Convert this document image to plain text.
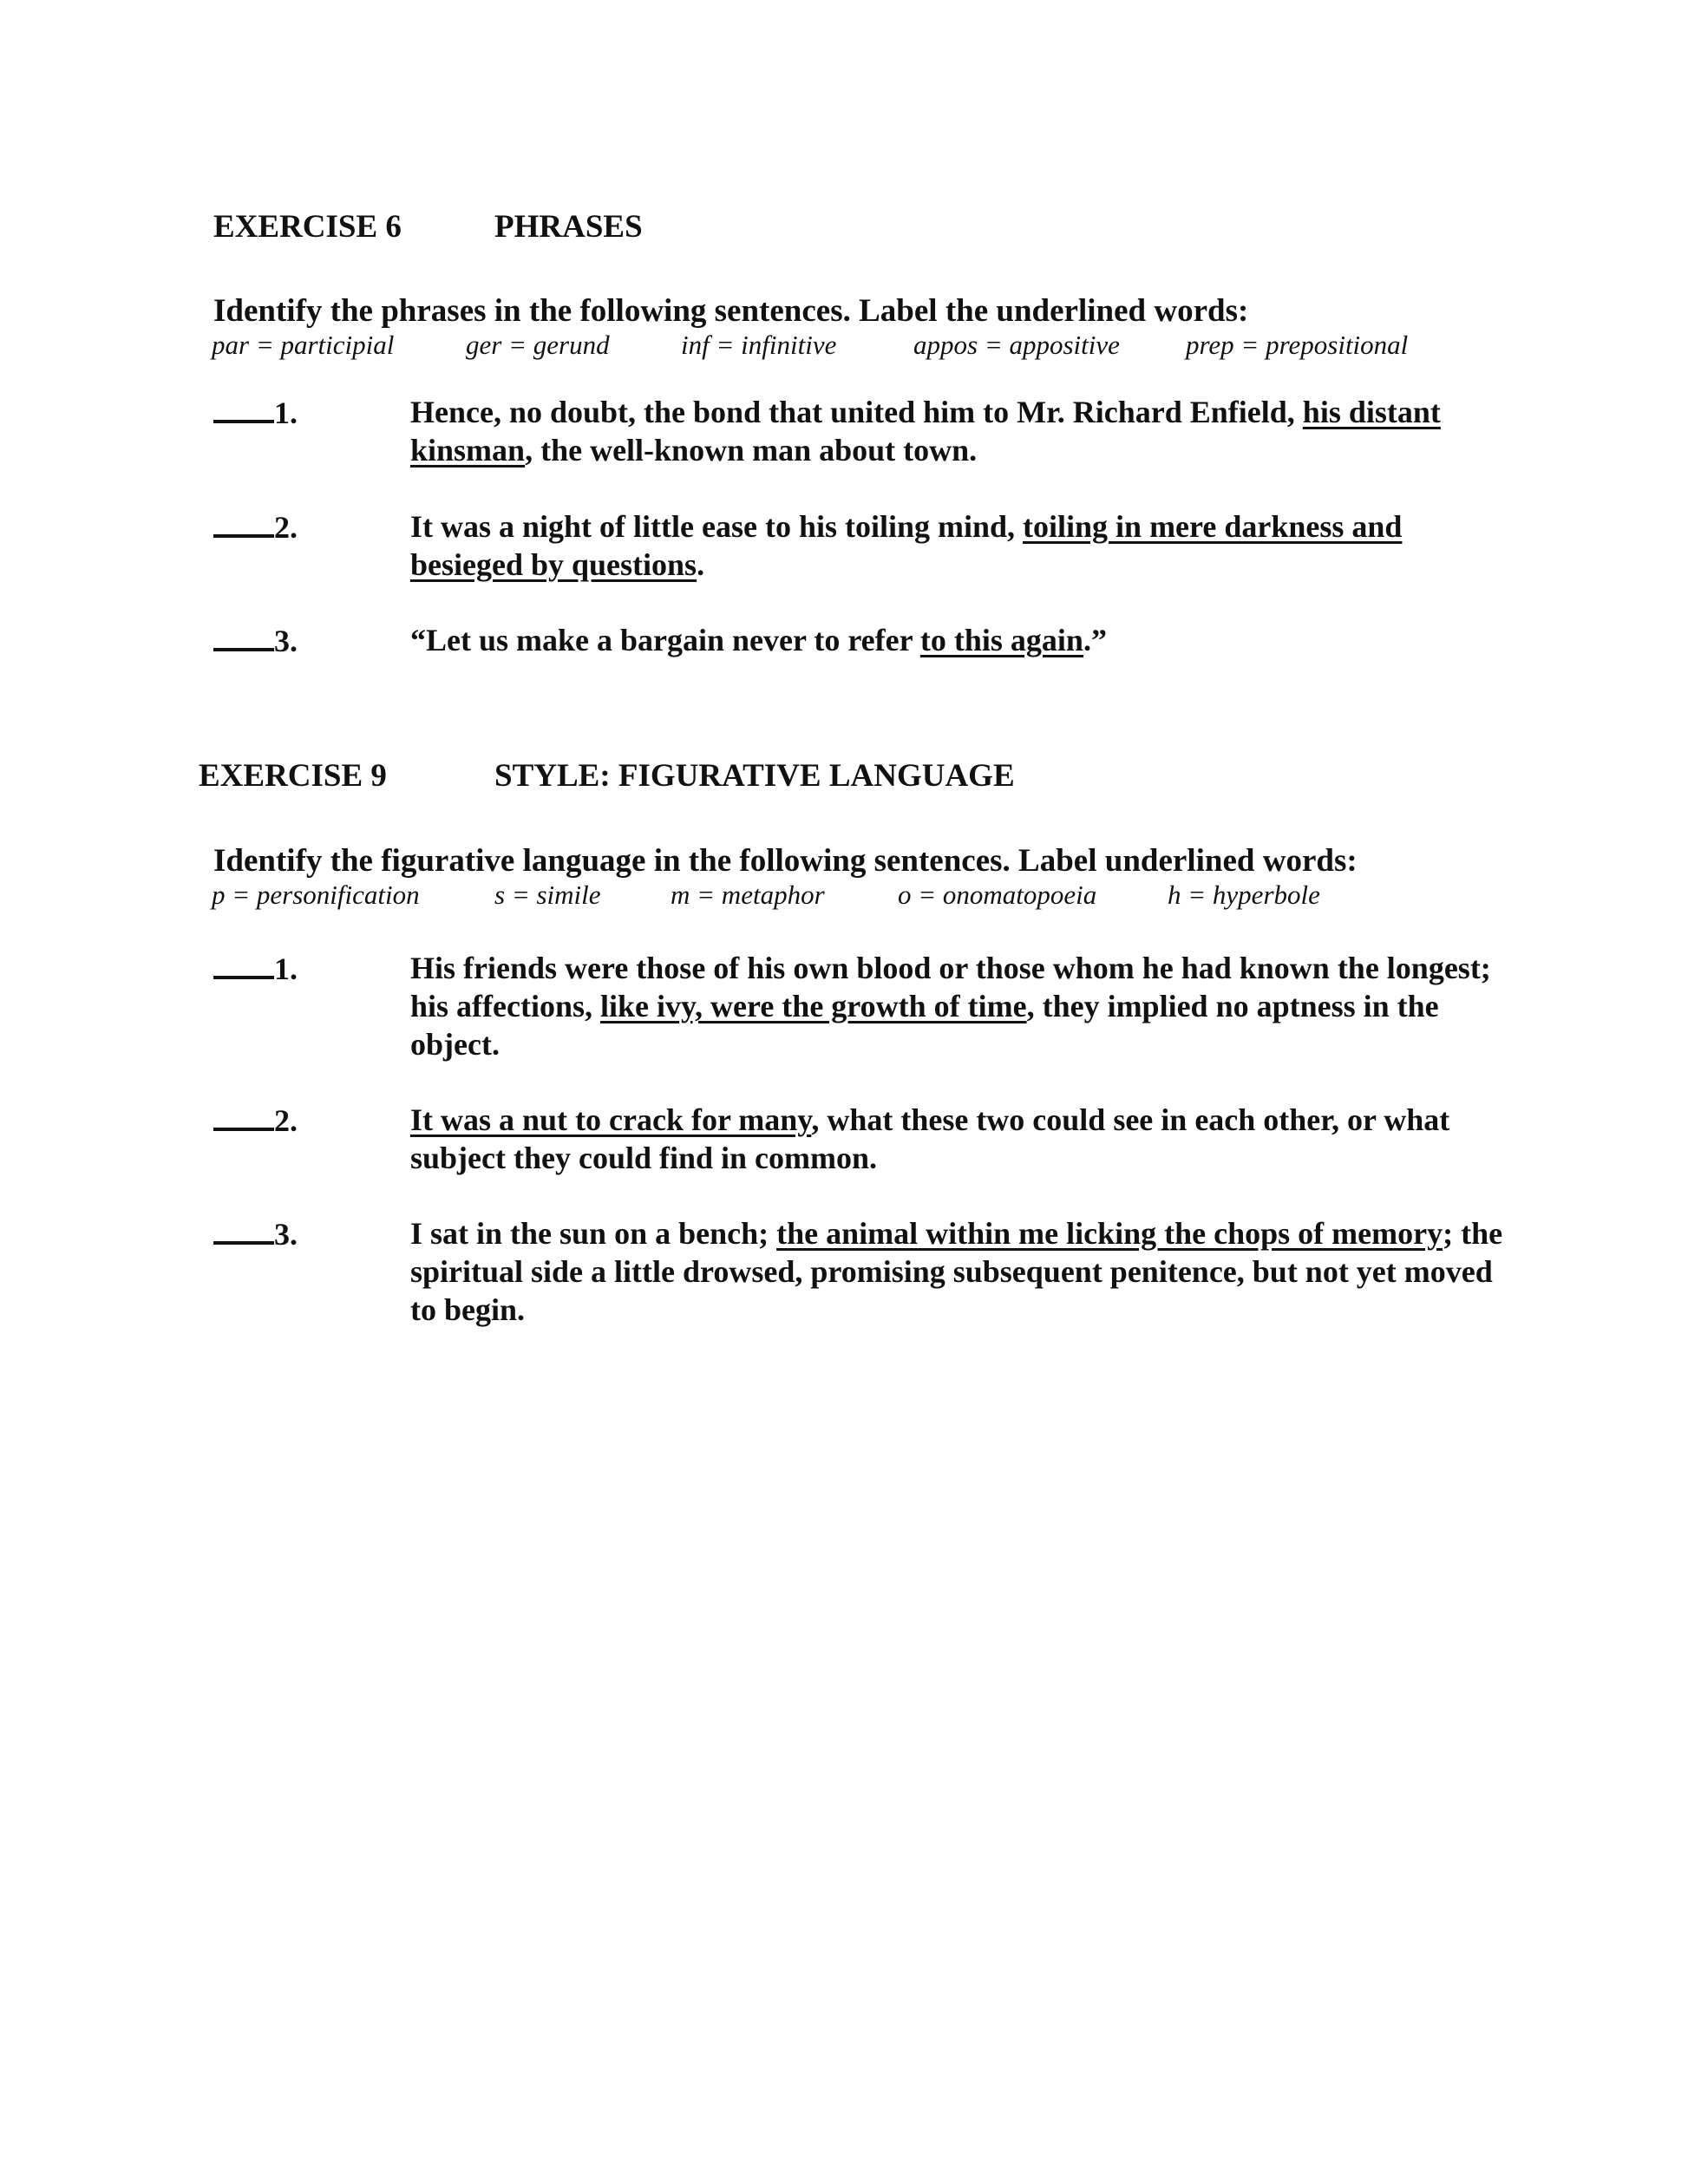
EXERCISE 6	PHRASES
Identify the phrases in the following sentences. Label the underlined words:
par = participial	ger = gerund	inf = infinitive	appos = appositive prep = prepositional
1.	Hence, no doubt, the bond that united him to Mr. Richard Enfield, his distant kinsman, the well-known man about town.
2.	It was a night of little ease to his toiling mind, toiling in mere darkness and besieged by questions.
3.	“Let us make a bargain never to refer to this again.”
EXERCISE 9	STYLE: FIGURATIVE LANGUAGE
Identify the figurative language in the following sentences. Label underlined words:
p = personification	s = simile	m = metaphor	o = onomatopoeia	h = hyperbole
1.	His friends were those of his own blood or those whom he had known the longest; his affections, like ivy, were the growth of time, they implied no aptness in the object.
2.	It was a nut to crack for many, what these two could see in each other, or what subject they could find in common.
3.	I sat in the sun on a bench; the animal within me licking the chops of memory; the spiritual side a little drowsed, promising subsequent penitence, but not yet moved to begin.
